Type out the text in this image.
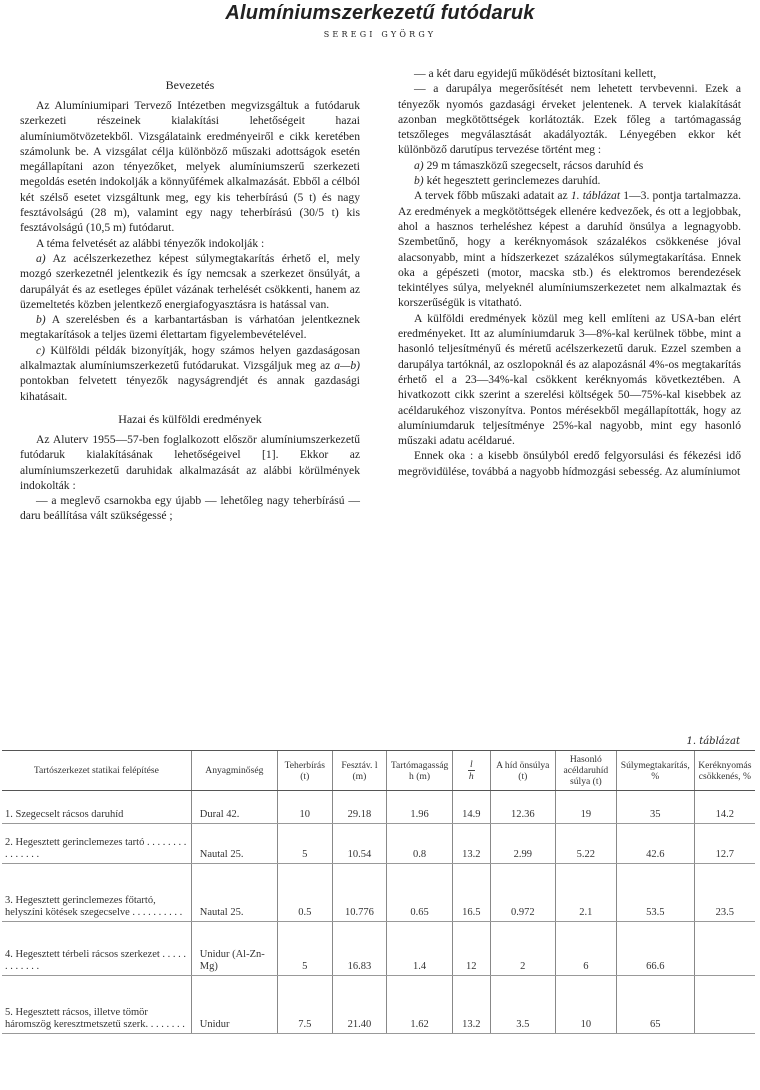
Alumíniumszerkezetű futódaruk
SEREGI GYÖRGY
Bevezetés

Az Alumíniumipari Tervező Intézetben megvizsgáltuk a futódaruk szerkezeti részeinek kialakítási lehetőségeit hazai alumíniumötvözetekből. Vizsgálataink eredményeiről e cikk keretében számolunk be. A vizsgálat célja különböző műszaki adottságok esetén megállapítani azon tényezőket, melyek alumíniumszerű szerkezeti megoldás esetén indokolják a könnyűfémek alkalmazását. Ebből a célból két szélső esetet vizsgáltunk meg, egy kis teherbírású (5 t) és nagy fesztávolságú (28 m), valamint egy nagy teherbírású (30/5 t) kis fesztávolságú (10,5 m) futódarut.

A téma felvetését az alábbi tényezők indokolják :

a) Az acélszerkezethez képest súlymegtakarítás érhető el, mely mozgó szerkezetnél jelentkezik és így nemcsak a szerkezet önsúlyát, a darupályát és az esetleges épület vázának terhelését csökkenti, hanem az üzemeltetés közben jelentkező energiafogyasztásra is hatással van.

b) A szerelésben és a karbantartásban is várhatóan jelentkeznek megtakarítások a teljes üzemi élettartam figyelembevételével.

c) Külföldi példák bizonyítják, hogy számos helyen gazdaságosan alkalmaztak alumíniumszerkezetű futódarukat. Vizsgáljuk meg az a—b) pontokban felvetett tényezők nagyságrendjét és annak gazdasági kihatásait.

Hazai és külföldi eredmények

Az Aluterv 1955—57-ben foglalkozott először alumíniumszerkezetű futódaruk kialakításának lehetőségeivel [1]. Ekkor az alumíniumszerkezetű daruhidak alkalmazását az alábbi körülmények indokolták :

— a meglevő csarnokba egy újabb — lehetőleg nagy teherbírású — daru beállítása vált szükségessé ;

— a két daru egyidejű működését biztosítani kellett,

— a darupálya megerősítését nem lehetett tervbevenni. Ezek a tényezők nyomós gazdasági érveket jelentenek. A tervek kialakítását azonban megkötöttségek korlátozták. Ezek főleg a tartómagasság tetszőleges megválasztását akadályozták. Lényegében ekkor két különböző darutípus tervezése történt meg :

a) 29 m támaszközű szegecselt, rácsos daruhíd és

b) két hegesztett gerinclemezes daruhíd.

A tervek főbb műszaki adatait az 1. táblázat 1—3. pontja tartalmazza. Az eredmények a megkötöttségek ellenére kedvezőek, és ott a legjobbak, ahol a hasznos terheléshez képest a daruhíd önsúlya a legnagyobb. Szembetűnő, hogy a keréknyomások százalékos csökkenése jóval alacsonyabb, mint a hídszerkezet százalékos súlymegtakarítása. Ennek oka a gépészeti (motor, macska stb.) és elektromos berendezések tekintélyes súlya, melyeknél alumíniumszerkezetet nem alkalmaztak és korszerűségük is vitatható.

A külföldi eredmények közül meg kell említeni az USA-ban elért eredményeket. Itt az alumíniumdaruk 3—8%-kal kerülnek többe, mint a hasonló teljesítményű és méretű acélszerkezetű daruk. Ezzel szemben a darupálya tartóknál, az oszlopoknál és az alapozásnál 4%-os megtakarítás érhető el a 23—34%-kal csökkent keréknyomás következtében. A hivatkozott cikk szerint a szerelési költségek 50—75%-kal kisebbek az acéldarukéhoz viszonyítva. Pontos mérésekből megállapították, hogy az alumíniumdaruk teljesítménye 25%-kal nagyobb, mint egy hasonló műszaki adatu acéldarué.

Ennek oka : a kisebb önsúlyból eredő felgyorsulási és fékezési idő megrövidülése, továbbá a nagyobb hídmozgási sebesség. Az alumíniumot

1. táblázat
Tartószerkezet statikai felépítése	Anyagminőség	Teherbírás (t)	Fesztáv. l (m)	Tartómagasság h (m)	$\frac{l}{h}$	A híd önsúlya (t)	Hasonló acéldaruhíd súlya (t)	Súlymegtakarítás, %	Keréknyomás csökkenés, %
1. Szegecselt rácsos daruhíd	Dural 42.	10	29.18	1.96	14.9	12.36	19	35	14.2
2. Hegesztett gerinclemezes tartó . . . . . . . . . . . . . . .	Nautal 25.	5	10.54	0.8	13.2	2.99	5.22	42.6	12.7
3. Hegesztett gerinclemezes főtartó, helyszíni kötések szegecselve . . . . . . . . . .	Nautal 25.	0.5	10.776	0.65	16.5	0.972	2.1	53.5	23.5
4. Hegesztett térbeli rácsos szerkezet . . . . . . . . . . . .	Unidur (Al-Zn-Mg)	5	16.83	1.4	12	2	6	66.6	
5. Hegesztett rácsos, illetve tömör háromszög keresztmetszetű szerk. . . . . . . .	Unidur	7.5	21.40	1.62	13.2	3.5	10	65	
